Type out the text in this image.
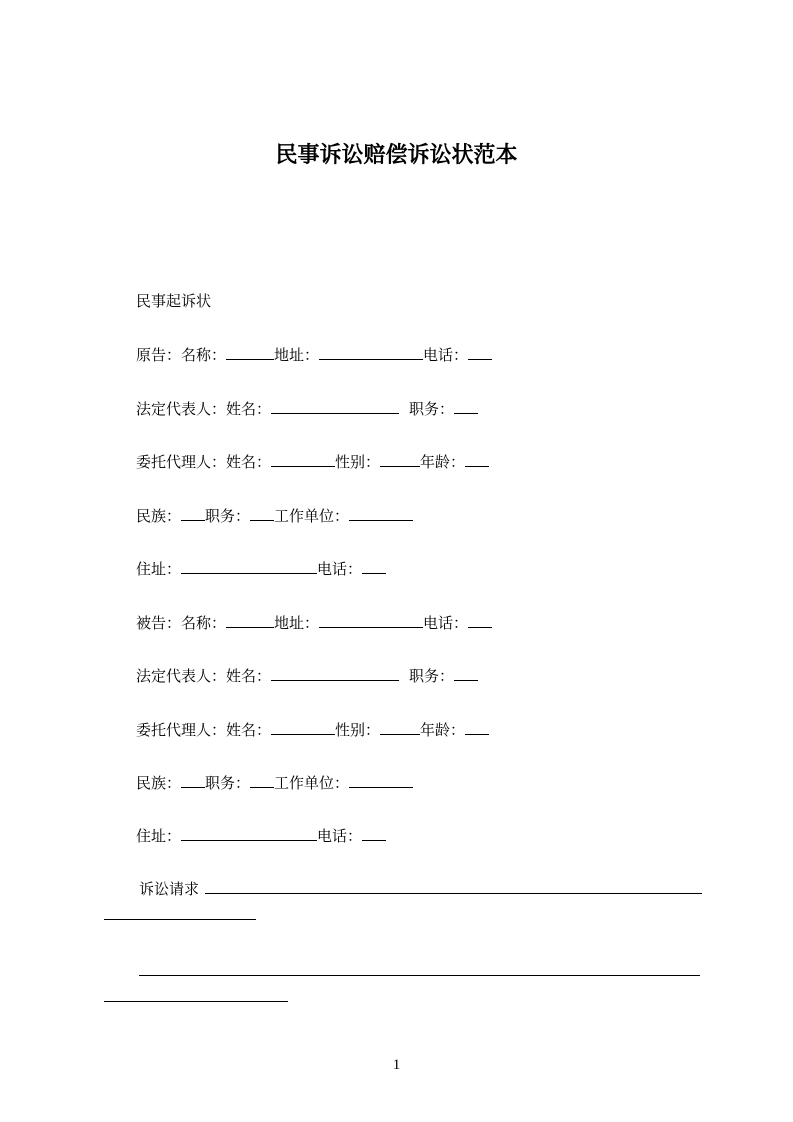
民事诉讼赔偿诉讼状范本
民事起诉状
原告：名称：	地址：	电话：
法定代表人：姓名：	职务：
委托代理人：姓名：	性别：	年龄：
民族： 职务： 工作单位：
住址：	电话：
被告：名称：	地址：	电话：
法定代表人：姓名：	职务：
委托代理人：姓名：	性别：	年龄：
民族： 职务： 工作单位：
住址：	电话：
诉讼请求
1
